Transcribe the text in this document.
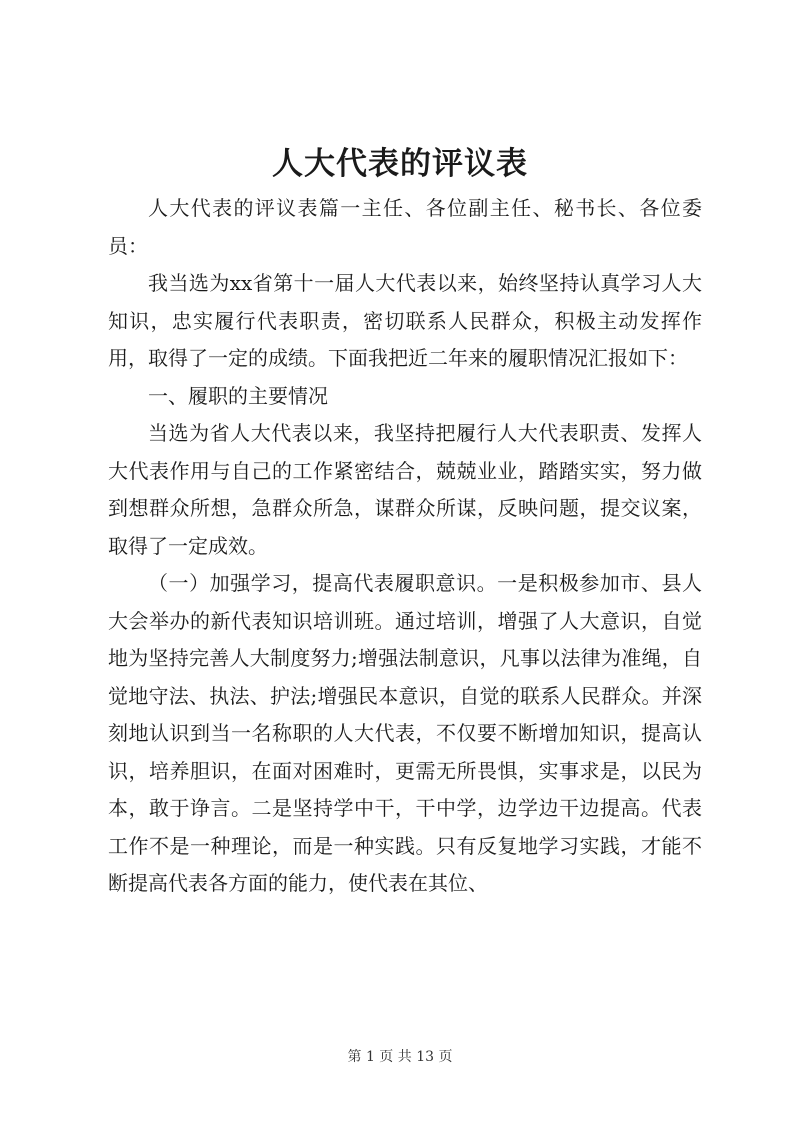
人大代表的评议表

人大代表的评议表篇一主任、各位副主任、秘书长、各位委员：

我当选为xx省第十一届人大代表以来，始终坚持认真学习人大知识，忠实履行代表职责，密切联系人民群众，积极主动发挥作用，取得了一定的成绩。下面我把近二年来的履职情况汇报如下：

一、履职的主要情况

当选为省人大代表以来，我坚持把履行人大代表职责、发挥人大代表作用与自己的工作紧密结合，兢兢业业，踏踏实实，努力做到想群众所想，急群众所急，谋群众所谋，反映问题，提交议案，取得了一定成效。

（一）加强学习，提高代表履职意识。一是积极参加市、县人大会举办的新代表知识培训班。通过培训，增强了人大意识，自觉地为坚持完善人大制度努力;增强法制意识，凡事以法律为准绳，自觉地守法、执法、护法;增强民本意识，自觉的联系人民群众。并深刻地认识到当一名称职的人大代表，不仅要不断增加知识，提高认识，培养胆识，在面对困难时，更需无所畏惧，实事求是，以民为本，敢于诤言。二是坚持学中干，干中学，边学边干边提高。代表工作不是一种理论，而是一种实践。只有反复地学习实践，才能不断提高代表各方面的能力，使代表在其位、

第 1 页 共 13 页
